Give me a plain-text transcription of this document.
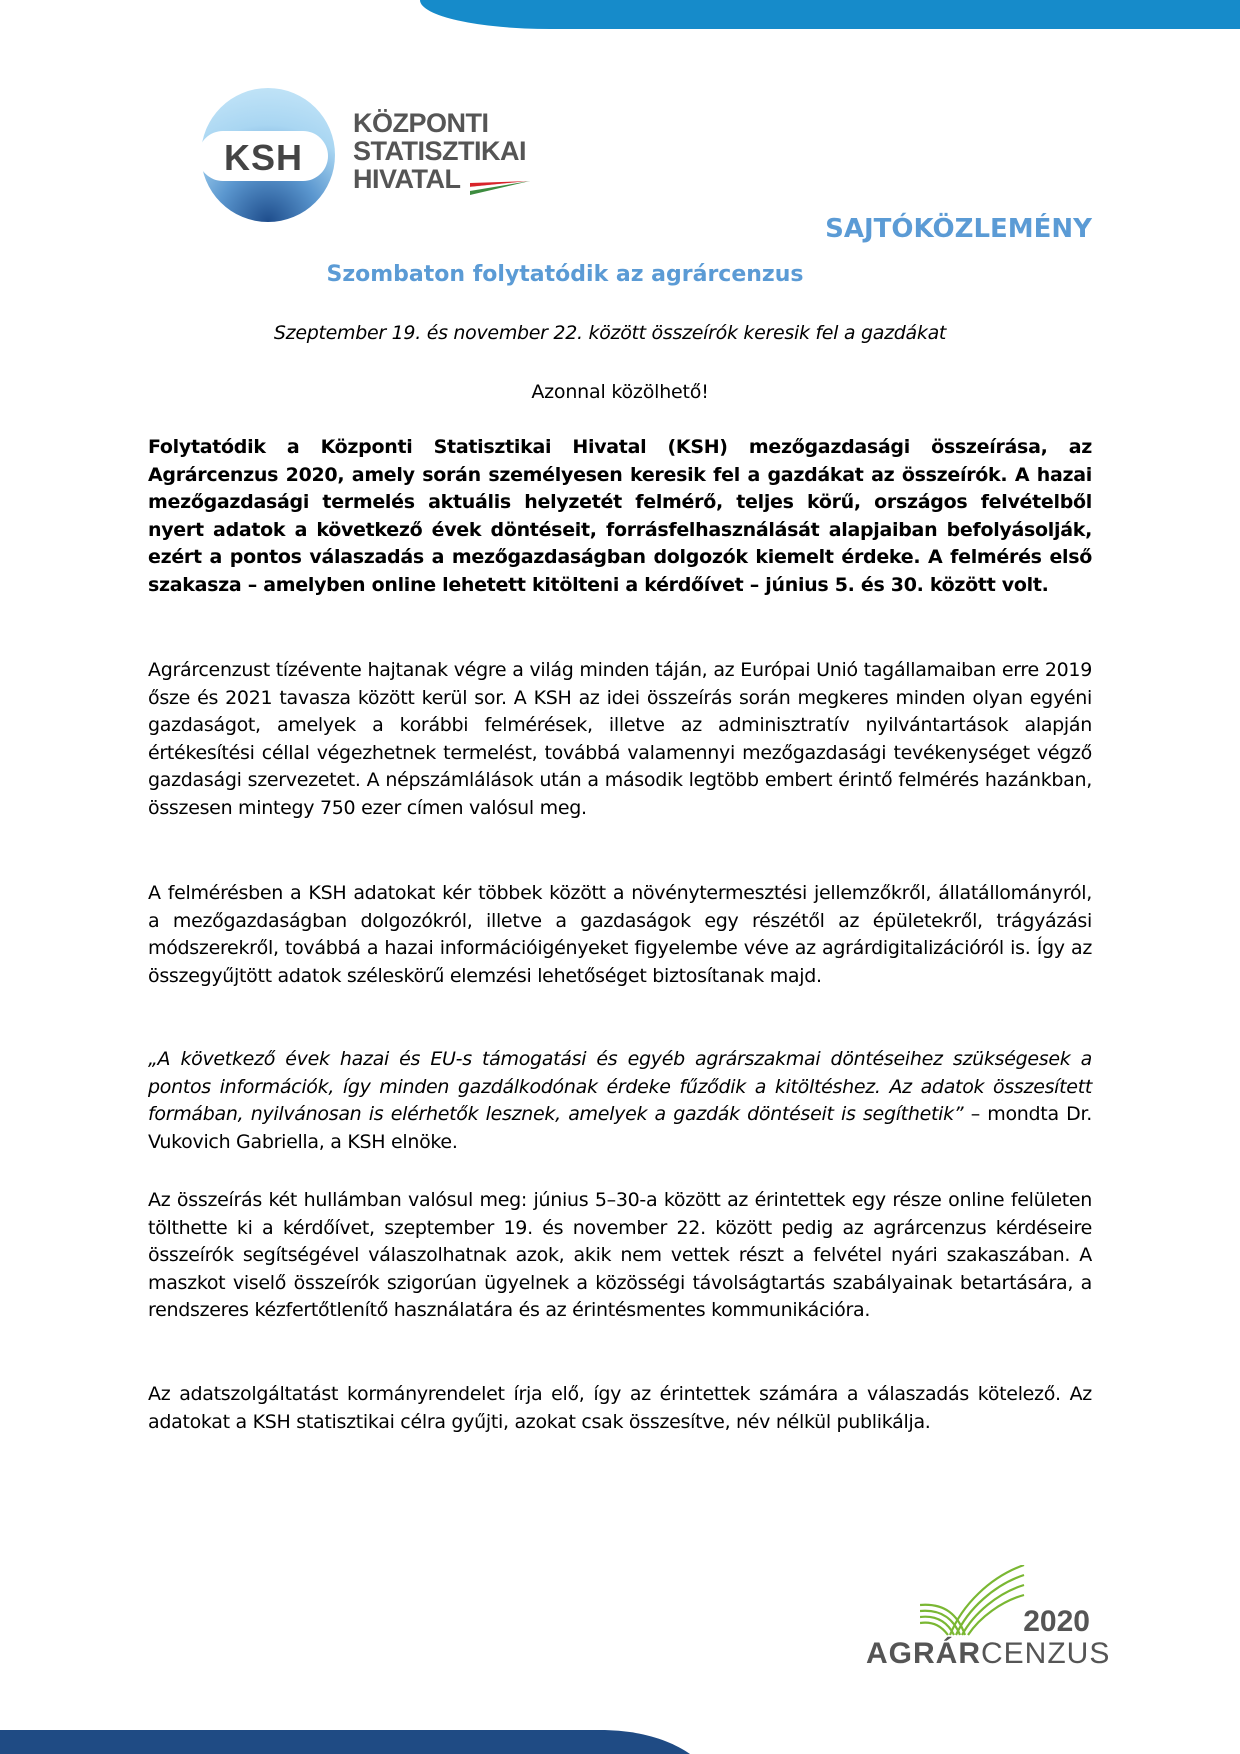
KSH
KÖZPONTI
STATISZTIKAI
HIVATAL
SAJTÓKÖZLEMÉNY
Szombaton folytatódik az agrárcenzus
Szeptember 19. és november 22. között összeírók keresik fel a gazdákat
Azonnal közölhető!

Folytatódik a Központi Statisztikai Hivatal (KSH) mezőgazdasági összeírása, az Agrárcenzus 2020, amely során személyesen keresik fel a gazdákat az összeírók. A hazai mezőgazdasági termelés aktuális helyzetét felmérő, teljes körű, országos felvételből nyert adatok a következő évek döntéseit, forrásfelhasználását alapjaiban befolyásolják, ezért a pontos válaszadás a mezőgazdaságban dolgozók kiemelt érdeke. A felmérés első szakasza – amelyben online lehetett kitölteni a kérdőívet – június 5. és 30. között volt.

Agrárcenzust tízévente hajtanak végre a világ minden táján, az Európai Unió tagállamaiban erre 2019 ősze és 2021 tavasza között kerül sor. A KSH az idei összeírás során megkeres minden olyan egyéni gazdaságot, amelyek a korábbi felmérések, illetve az adminisztratív nyilvántartások alapján értékesítési céllal végezhetnek termelést, továbbá valamennyi mezőgazdasági tevékenységet végző gazdasági szervezetet. A népszámlálások után a második legtöbb embert érintő felmérés hazánkban, összesen mintegy 750 ezer címen valósul meg.

A felmérésben a KSH adatokat kér többek között a növénytermesztési jellemzőkről, állatállományról, a mezőgazdaságban dolgozókról, illetve a gazdaságok egy részétől az épületekről, trágyázási módszerekről, továbbá a hazai információigényeket figyelembe véve az agrárdigitalizációról is. Így az összegyűjtött adatok széleskörű elemzési lehetőséget biztosítanak majd.

„A következő évek hazai és EU-s támogatási és egyéb agrárszakmai döntéseihez szükségesek a pontos információk, így minden gazdálkodónak érdeke fűződik a kitöltéshez. Az adatok összesített formában, nyilvánosan is elérhetők lesznek, amelyek a gazdák döntéseit is segíthetik” – mondta Dr. Vukovich Gabriella, a KSH elnöke.

Az összeírás két hullámban valósul meg: június 5–30-a között az érintettek egy része online felületen tölthette ki a kérdőívet, szeptember 19. és november 22. között pedig az agrárcenzus kérdéseire összeírók segítségével válaszolhatnak azok, akik nem vettek részt a felvétel nyári szakaszában. A maszkot viselő összeírók szigorúan ügyelnek a közösségi távolságtartás szabályainak betartására, a rendszeres kézfertőtlenítő használatára és az érintésmentes kommunikációra.

Az adatszolgáltatást kormányrendelet írja elő, így az érintettek számára a válaszadás kötelező. Az adatokat a KSH statisztikai célra gyűjti, azokat csak összesítve, név nélkül publikálja.

2020
AGRÁRCENZUS
